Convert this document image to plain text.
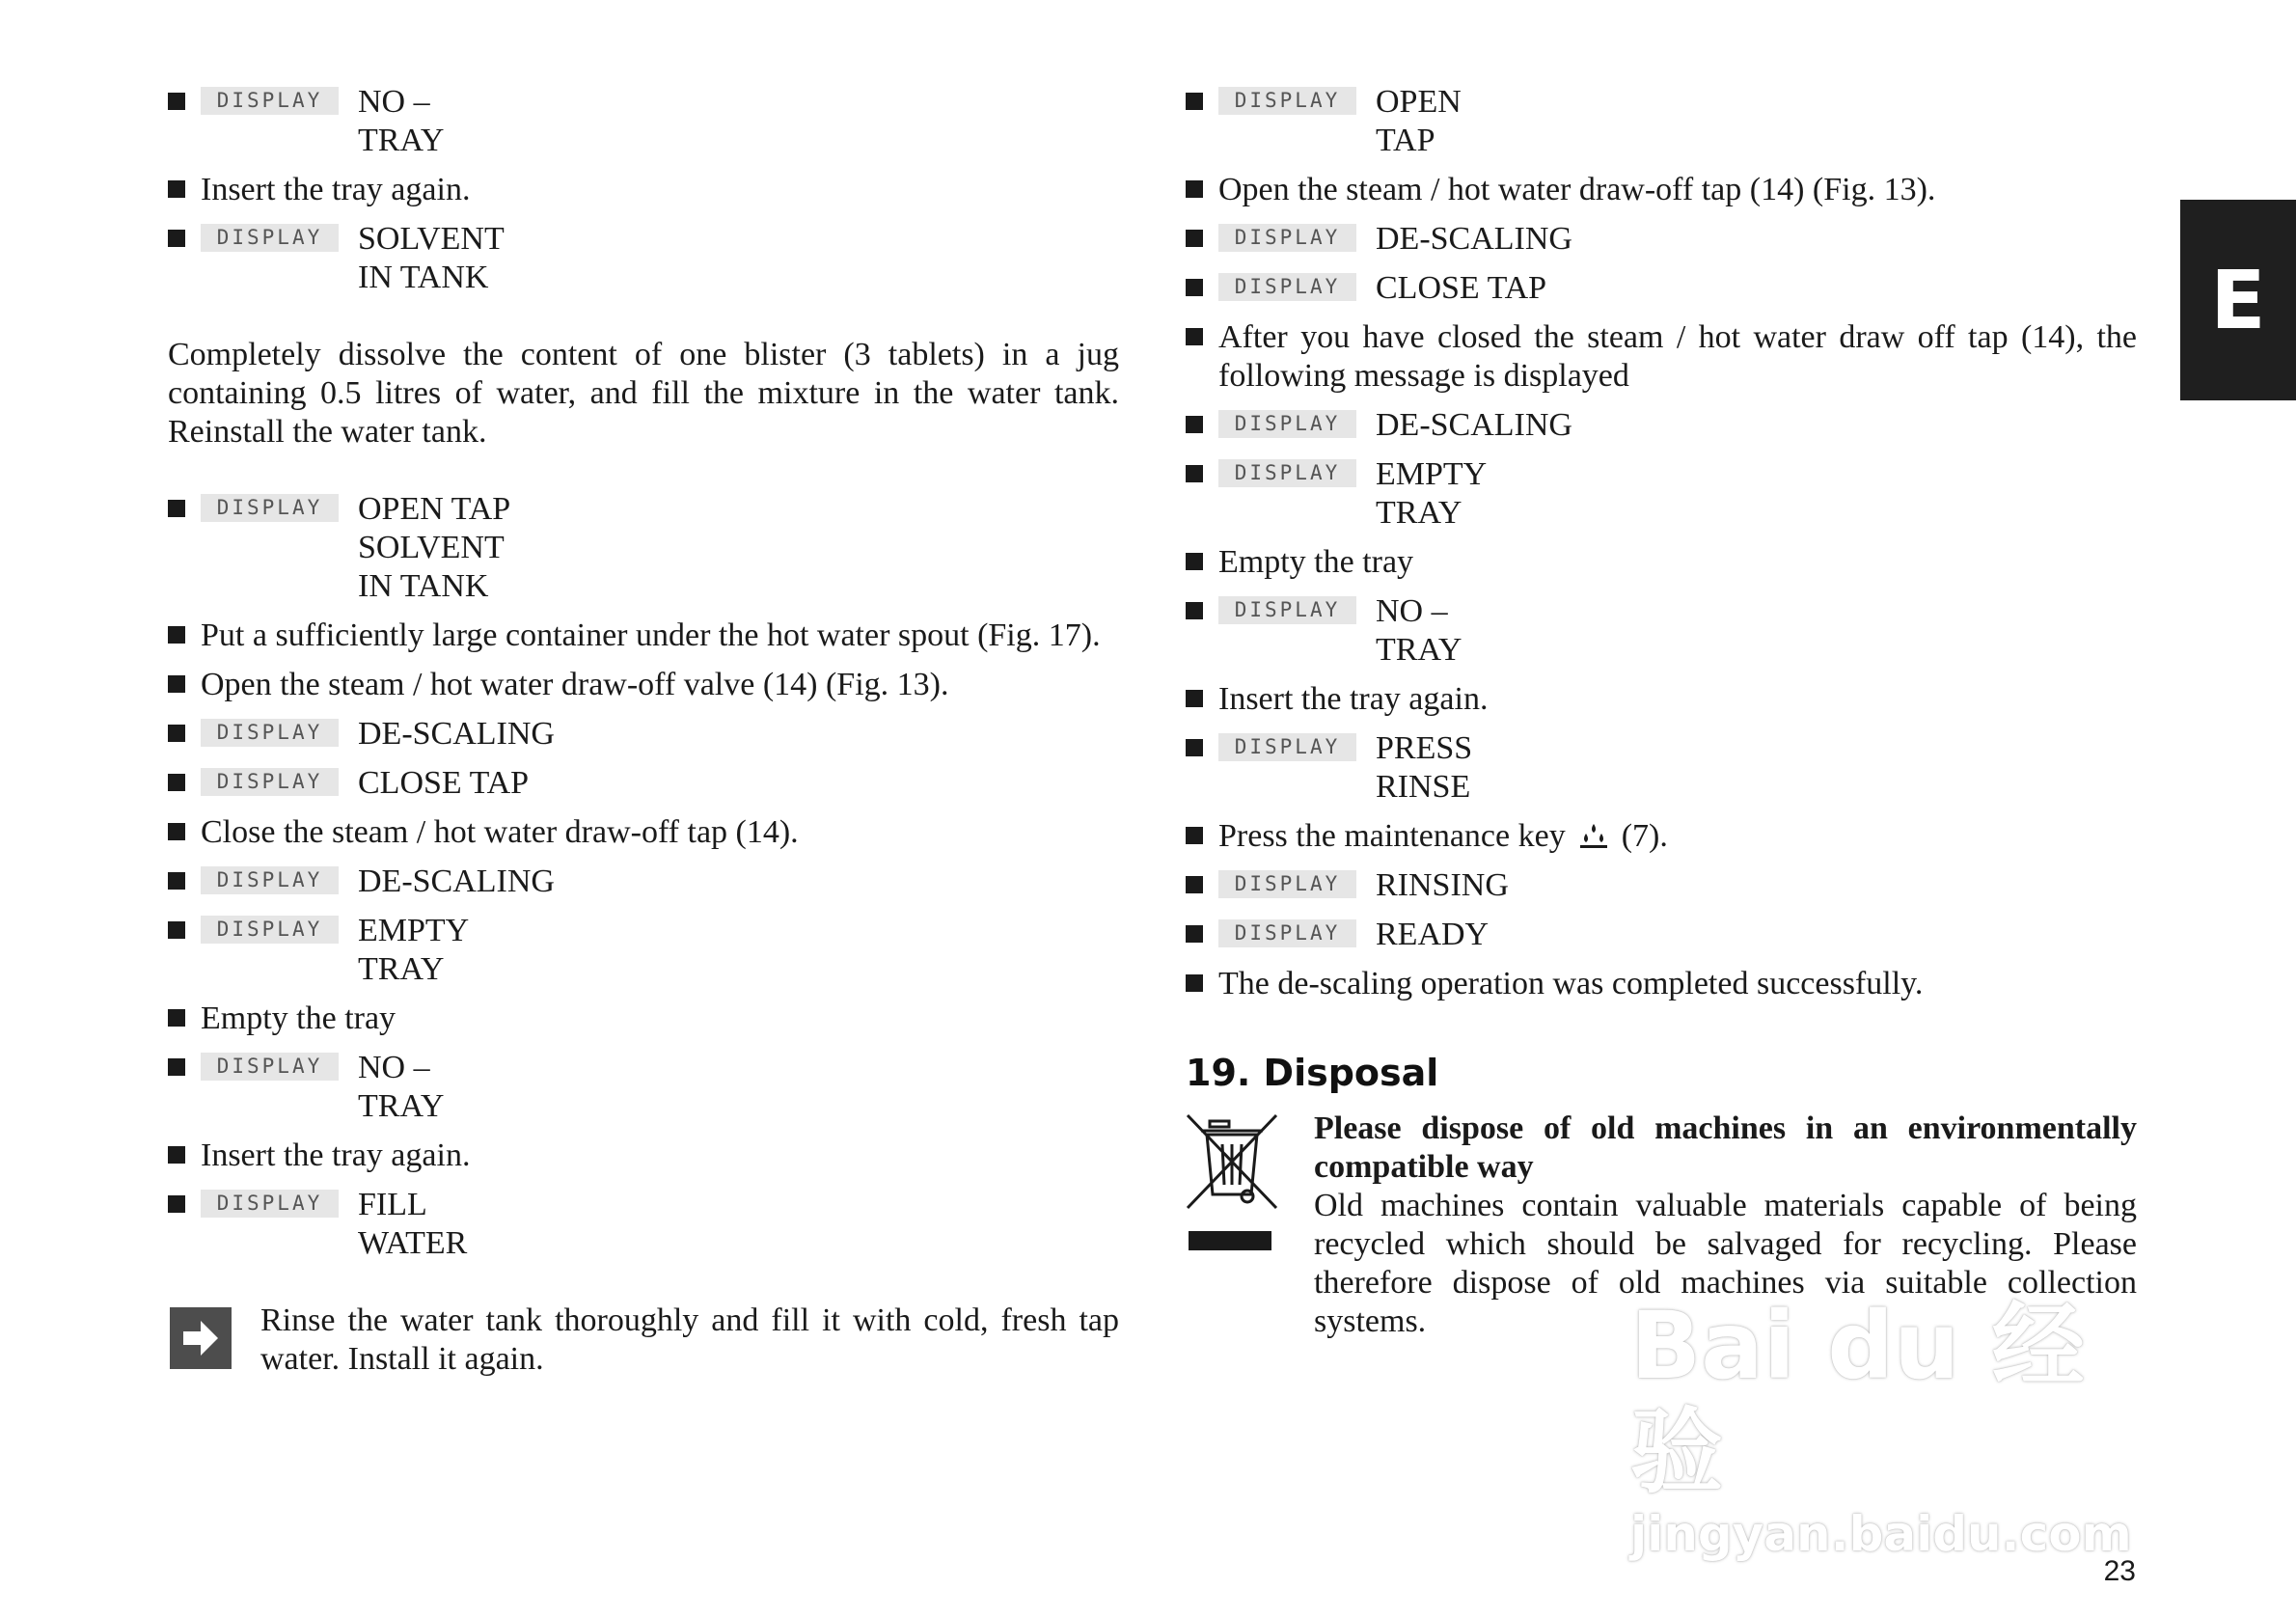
DISPLAY	NO –
TRAY
Insert the tray again.
DISPLAY	SOLVENT
IN TANK

Completely dissolve the content of one blister (3 tablets) in a jug containing 0.5 litres of water, and fill the mixture in the water tank. Reinstall the water tank.

DISPLAY	OPEN TAP
SOLVENT
IN TANK
Put a sufficiently large container under the hot water spout (Fig. 17).
Open the steam / hot water draw-off valve (14) (Fig. 13).
DISPLAY	DE-SCALING
DISPLAY	CLOSE TAP
Close the steam / hot water draw-off tap (14).
DISPLAY	DE-SCALING
DISPLAY	EMPTY
TRAY
Empty the tray
DISPLAY	NO –
TRAY
Insert the tray again.
DISPLAY	FILL
WATER
Rinse the water tank thoroughly and fill it with cold, fresh tap water. Install it again.
DISPLAY	OPEN
TAP
Open the steam / hot water draw-off tap (14) (Fig. 13).
DISPLAY	DE-SCALING
DISPLAY	CLOSE TAP
After you have closed the steam / hot water draw off tap (14), the following message is displayed
DISPLAY	DE-SCALING
DISPLAY	EMPTY
TRAY
Empty the tray
DISPLAY	NO –
TRAY
Insert the tray again.
DISPLAY	PRESS
RINSE
Press the maintenance key (7).
DISPLAY	RINSING
DISPLAY	READY
The de-scaling operation was completed successfully.
19. Disposal
Please dispose of old machines in an environmentally compatible way
Old machines contain valuable materials capable of being recycled which should be salvaged for recycling. Please therefore dispose of old machines via suitable collection systems.
E
23
Bai du 经验
jingyan.baidu.com
